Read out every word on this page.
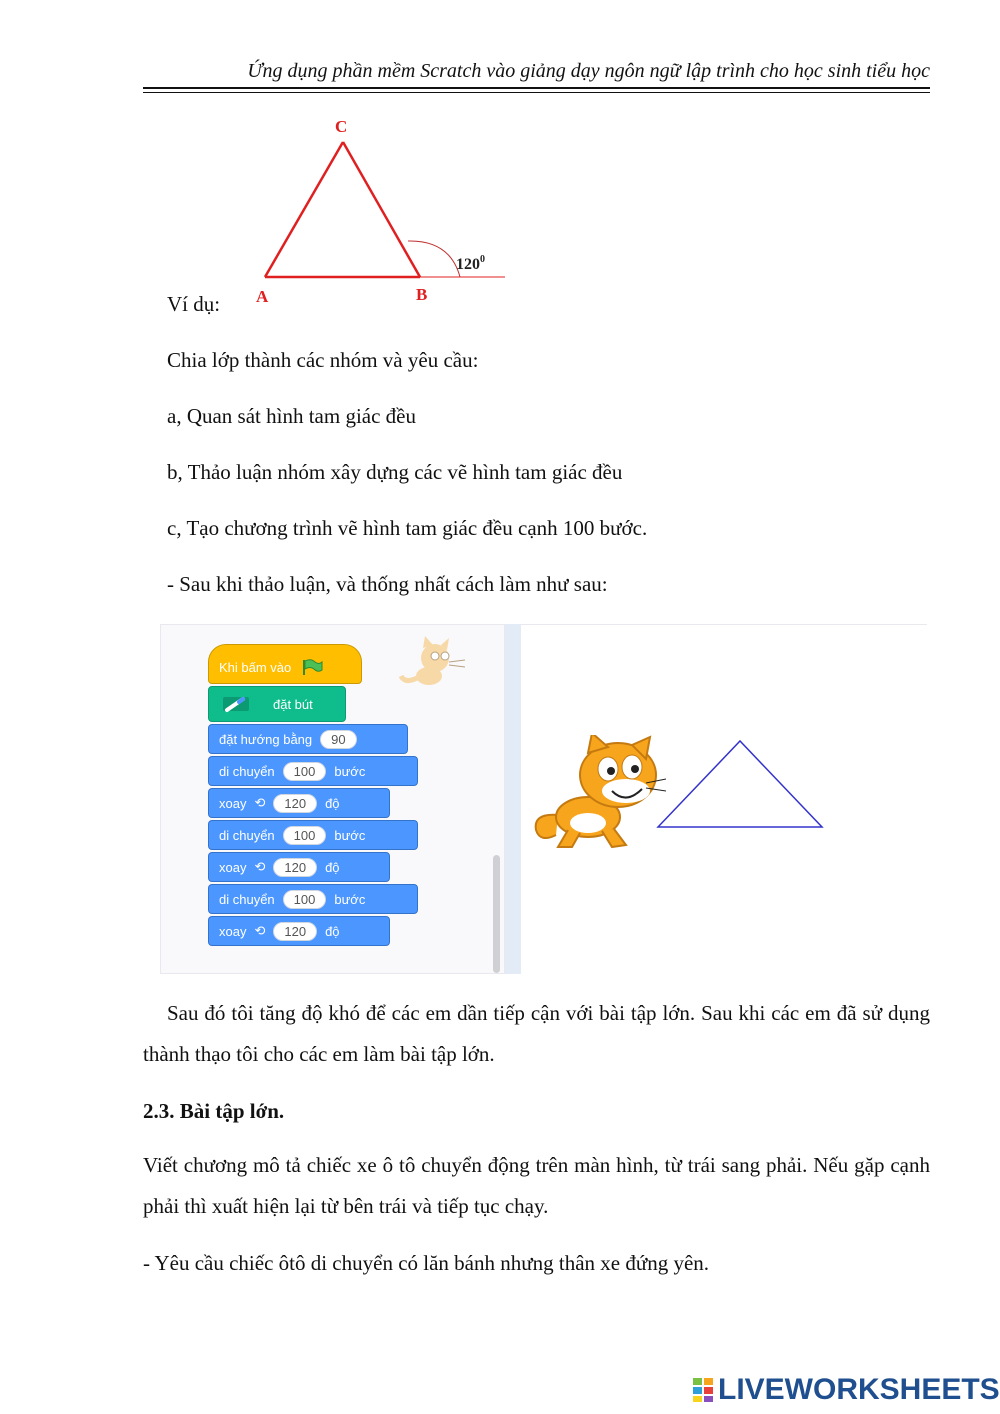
Ứng dụng phần mềm Scratch vào giảng dạy ngôn ngữ lập trình cho học sinh tiểu học
C
A	B
$120^0$
Ví dụ:
Chia lớp thành các nhóm và yêu cầu:
a, Quan sát hình tam giác đều
b, Thảo luận nhóm xây dựng các vẽ hình tam giác đều
c, Tạo chương trình vẽ hình tam giác đều cạnh 100 bước.
- Sau khi thảo luận, và thống nhất cách làm như sau:
Khi bấm vào
đặt bút
đặt hướng bằng	90
di chuyển	100	bước
xoay ⟲	120	độ
di chuyển	100	bước
xoay ⟲	120	độ
di chuyển	100	bước
xoay ⟲	120	độ
Sau đó tôi tăng độ khó để các em dần tiếp cận với bài tập lớn. Sau khi các em đã sử dụng thành thạo tôi cho các em làm bài tập lớn.
2.3. Bài tập lớn.
Viết chương mô tả chiếc xe ô tô chuyển động trên màn hình, từ trái sang phải. Nếu gặp cạnh phải thì xuất hiện lại từ bên trái và tiếp tục chạy.
- Yêu cầu chiếc ôtô di chuyển có lăn bánh nhưng thân xe đứng yên.
LIVEWORKSHEETS
